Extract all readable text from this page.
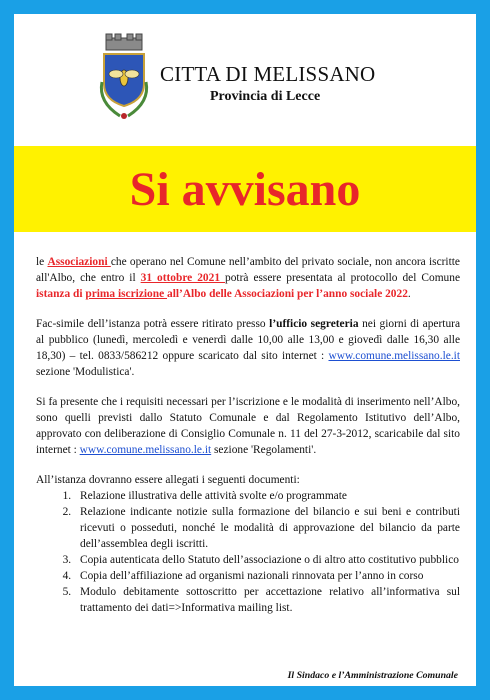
CITTA DI MELISSANO
Provincia di Lecce
Si avvisano

le Associazioni che operano nel Comune nell’ambito del privato sociale, non ancora iscritte all'Albo, che entro il 31 ottobre 2021 potrà essere presentata al protocollo del Comune istanza di prima iscrizione all’Albo delle Associazioni per l’anno sociale 2022.

Fac-simile dell’istanza potrà essere ritirato presso l’ufficio segreteria nei giorni di apertura al pubblico (lunedì, mercoledì e venerdì dalle 10,00 alle 13,00 e giovedì dalle 16,30 alle 18,30) – tel. 0833/586212 oppure scaricato dal sito internet : www.comune.melissano.le.it sezione 'Modulistica'.

Si fa presente che i requisiti necessari per l’iscrizione e le modalità di inserimento nell’Albo, sono quelli previsti dallo Statuto Comunale e dal Regolamento Istitutivo dell’Albo, approvato con deliberazione di Consiglio Comunale n. 11 del 27-3-2012, scaricabile dal sito internet : www.comune.melissano.le.it sezione 'Regolamenti'.

All’istanza dovranno essere allegati i seguenti documenti:
1. Relazione illustrativa delle attività svolte e/o programmate
2. Relazione indicante notizie sulla formazione del bilancio e sui beni e contributi ricevuti o posseduti, nonché le modalità di approvazione del bilancio da parte dell’assemblea degli iscritti.
3. Copia autenticata dello Statuto dell’associazione o di altro atto costitutivo pubblico
4. Copia dell’affiliazione ad organismi nazionali rinnovata per l’anno in corso
5. Modulo debitamente sottoscritto per accettazione relativo all’informativa sul trattamento dei dati=>Informativa mailing list.
Il Sindaco e l’Amministrazione Comunale
